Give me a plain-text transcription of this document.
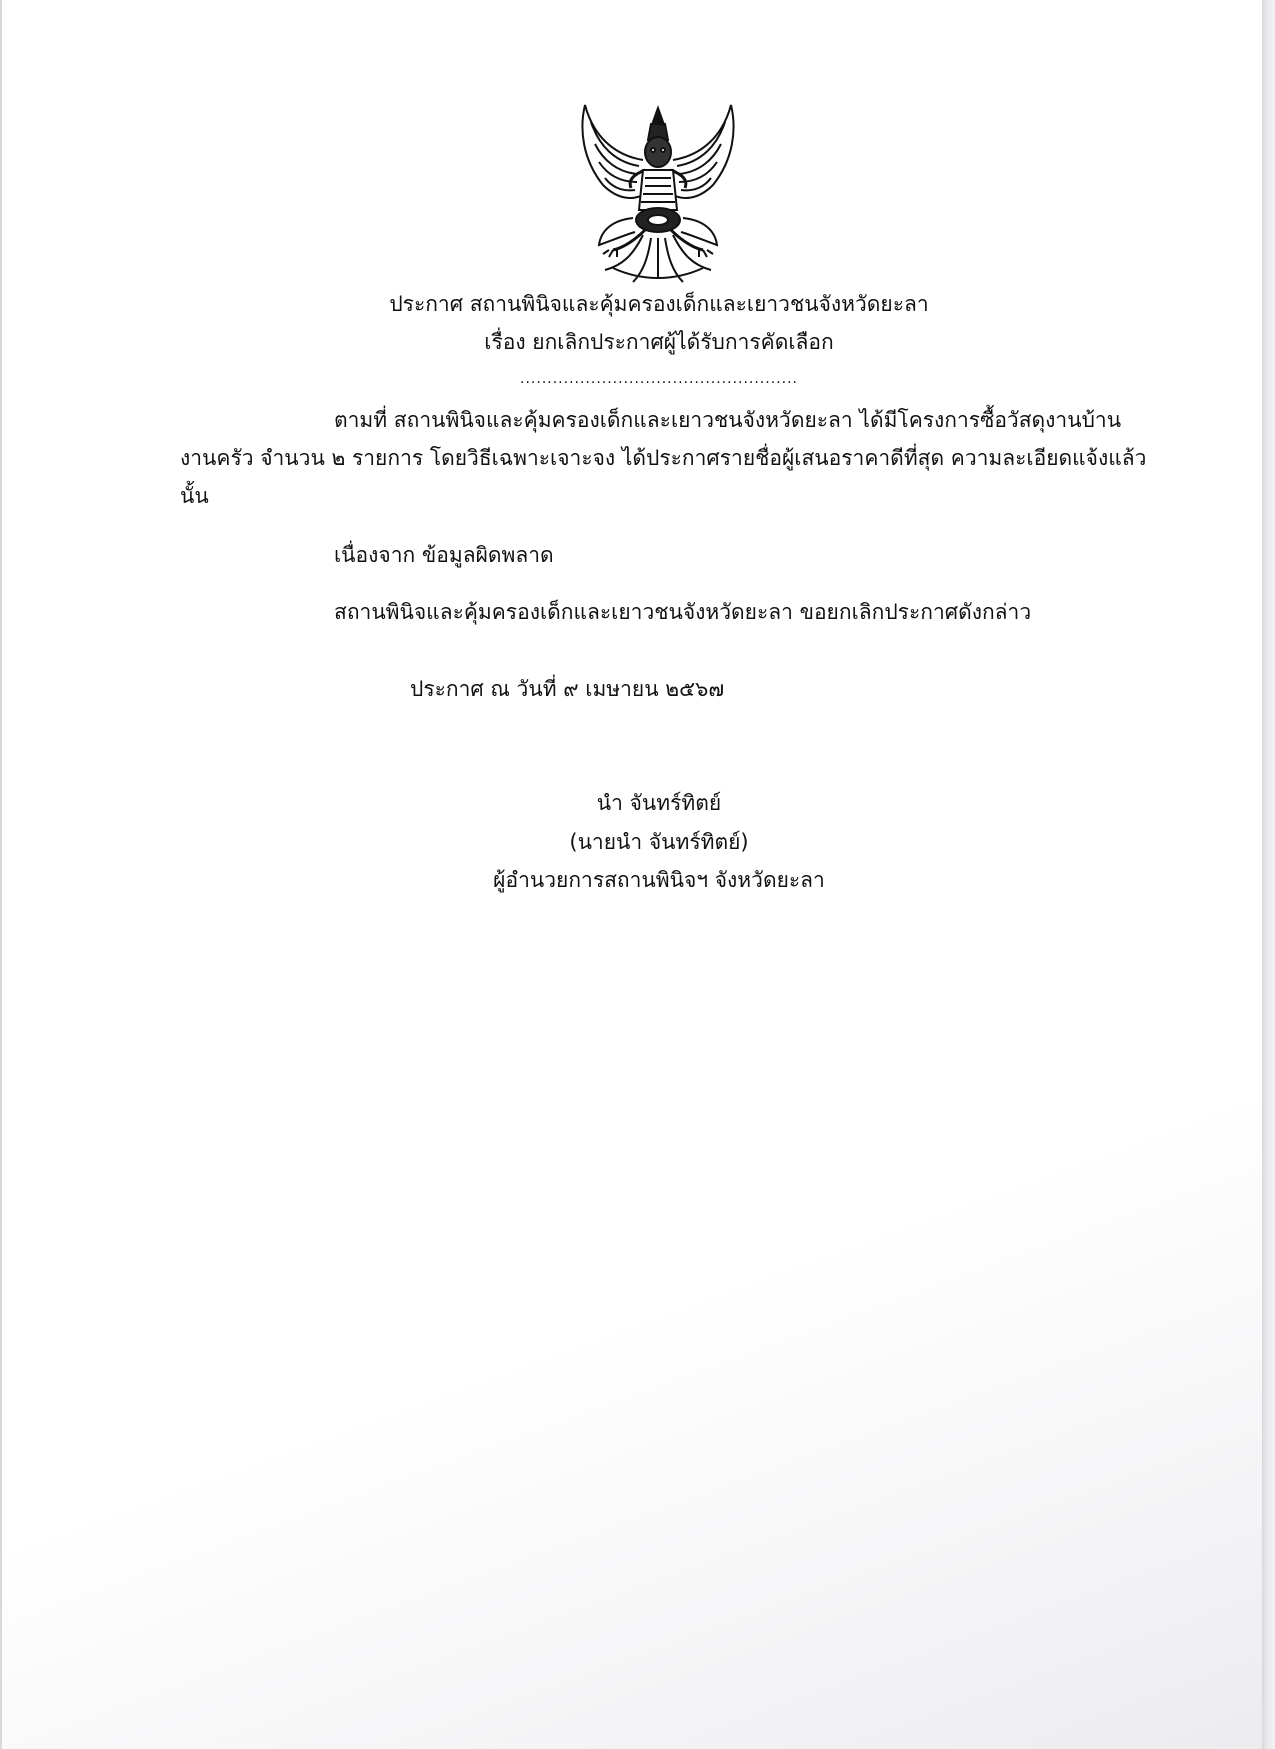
ประกาศ สถานพินิจและคุ้มครองเด็กและเยาวชนจังหวัดยะลา
เรื่อง ยกเลิกประกาศผู้ได้รับการคัดเลือก
...................................................
ตามที่ สถานพินิจและคุ้มครองเด็กและเยาวชนจังหวัดยะลา ได้มีโครงการซื้อวัสดุงานบ้าน
งานครัว จำนวน ๒ รายการ โดยวิธีเฉพาะเจาะจง ได้ประกาศรายชื่อผู้เสนอราคาดีที่สุด ความละเอียดแจ้งแล้ว
นั้น
เนื่องจาก ข้อมูลผิดพลาด
สถานพินิจและคุ้มครองเด็กและเยาวชนจังหวัดยะลา ขอยกเลิกประกาศดังกล่าว
ประกาศ ณ วันที่ ๙ เมษายน ๒๕๖๗
นำ จันทร์ทิตย์
(นายนำ จันทร์ทิตย์)
ผู้อำนวยการสถานพินิจฯ จังหวัดยะลา
